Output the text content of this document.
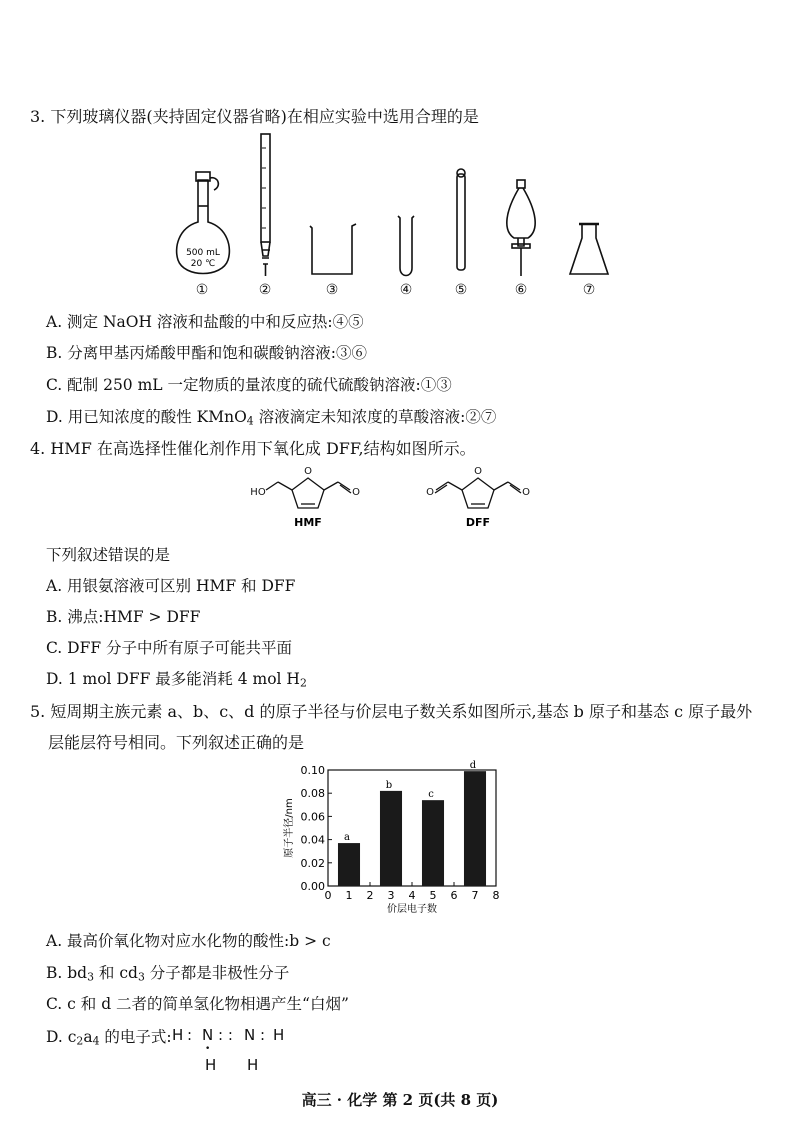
3. 下列玻璃仪器(夹持固定仪器省略)在相应实验中选用合理的是
500 mL
20 ℃
①	②	③	④	⑤	⑥	⑦
A. 测定 NaOH 溶液和盐酸的中和反应热:④⑤
B. 分离甲基丙烯酸甲酯和饱和碳酸钠溶液:③⑥
C. 配制 250 mL 一定物质的量浓度的硫代硫酸钠溶液:①③
D. 用已知浓度的酸性 KMnO$_4$ 溶液滴定未知浓度的草酸溶液:②⑦
4. HMF 在高选择性催化剂作用下氧化成 DFF,结构如图所示。
O
HO	O
O
O	O
HMF	DFF
下列叙述错误的是
A. 用银氨溶液可区别 HMF 和 DFF
B. 沸点:HMF > DFF
C. DFF 分子中所有原子可能共平面
D. 1 mol DFF 最多能消耗 4 mol $H_2$
5. 短周期主族元素 a、b、c、d 的原子半径与价层电子数关系如图所示,基态 b 原子和基态 c 原子最外
层能层符号相同。下列叙述正确的是
0.00
0.02
0.04
0.06
0.08
0.10
0 1 2 3 4 5 6 7 8
a
b
c
d
价层电子数
原子半径/nm
A. 最高价氧化物对应水化物的酸性:b > c
B. $bd_3$ 和 $cd_3$ 分子都是非极性分子
C. c 和 d 二者的简单氢化物相遇产生“白烟”
D. $c_2a_4$ 的电子式: H : N : : N : H
•
H H
高三 · 化学 第 2 页(共 8 页)
